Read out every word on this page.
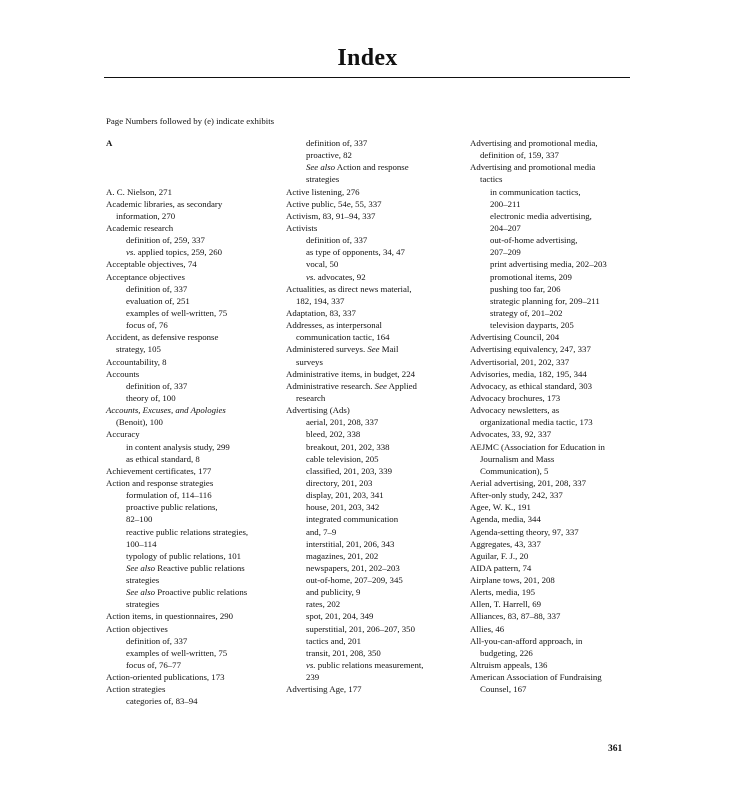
Index
Page Numbers followed by (e) indicate exhibits
A
A. C. Nielson, 271
Academic libraries, as secondary
information, 270
Academic research
definition of, 259, 337
vs. applied topics, 259, 260
Acceptable objectives, 74
Acceptance objectives
definition of, 337
evaluation of, 251
examples of well-written, 75
focus of, 76
Accident, as defensive response
strategy, 105
Accountability, 8
Accounts
definition of, 337
theory of, 100
Accounts, Excuses, and Apologies
(Benoit), 100
Accuracy
in content analysis study, 299
as ethical standard, 8
Achievement certificates, 177
Action and response strategies
formulation of, 114–116
proactive public relations,
82–100
reactive public relations strategies,
100–114
typology of public relations, 101
See also Reactive public relations
strategies
See also Proactive public relations
strategies
Action items, in questionnaires, 290
Action objectives
definition of, 337
examples of well-written, 75
focus of, 76–77
Action-oriented publications, 173
Action strategies
categories of, 83–94
definition of, 337
proactive, 82
See also Action and response
strategies
Active listening, 276
Active public, 54e, 55, 337
Activism, 83, 91–94, 337
Activists
definition of, 337
as type of opponents, 34, 47
vocal, 50
vs. advocates, 92
Actualities, as direct news material,
182, 194, 337
Adaptation, 83, 337
Addresses, as interpersonal
communication tactic, 164
Administered surveys. See Mail
surveys
Administrative items, in budget, 224
Administrative research. See Applied
research
Advertising (Ads)
aerial, 201, 208, 337
bleed, 202, 338
breakout, 201, 202, 338
cable television, 205
classified, 201, 203, 339
directory, 201, 203
display, 201, 203, 341
house, 201, 203, 342
integrated communication
and, 7–9
interstitial, 201, 206, 343
magazines, 201, 202
newspapers, 201, 202–203
out-of-home, 207–209, 345
and publicity, 9
rates, 202
spot, 201, 204, 349
superstitial, 201, 206–207, 350
tactics and, 201
transit, 201, 208, 350
vs. public relations measurement,
239
Advertising Age, 177
Advertising and promotional media,
definition of, 159, 337
Advertising and promotional media
tactics
in communication tactics,
200–211
electronic media advertising,
204–207
out-of-home advertising,
207–209
print advertising media, 202–203
promotional items, 209
pushing too far, 206
strategic planning for, 209–211
strategy of, 201–202
television dayparts, 205
Advertising Council, 204
Advertising equivalency, 247, 337
Advertisorial, 201, 202, 337
Advisories, media, 182, 195, 344
Advocacy, as ethical standard, 303
Advocacy brochures, 173
Advocacy newsletters, as
organizational media tactic, 173
Advocates, 33, 92, 337
AEJMC (Association for Education in
Journalism and Mass
Communication), 5
Aerial advertising, 201, 208, 337
After-only study, 242, 337
Agee, W. K., 191
Agenda, media, 344
Agenda-setting theory, 97, 337
Aggregates, 43, 337
Aguilar, F. J., 20
AIDA pattern, 74
Airplane tows, 201, 208
Alerts, media, 195
Allen, T. Harrell, 69
Alliances, 83, 87–88, 337
Allies, 46
All-you-can-afford approach, in
budgeting, 226
Altruism appeals, 136
American Association of Fundraising
Counsel, 167
361
